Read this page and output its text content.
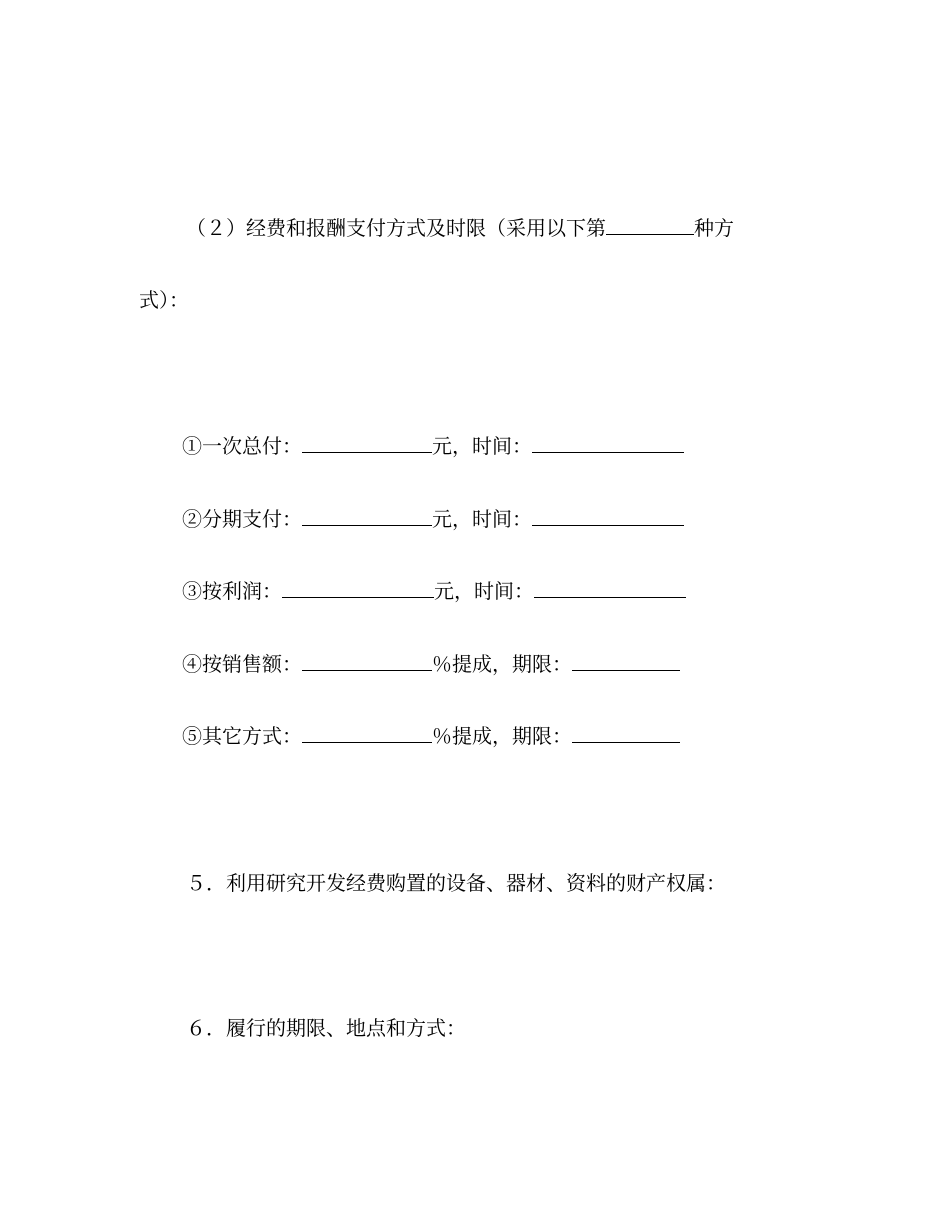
（２）经费和报酬支付方式及时限（采用以下第	种方

式）：

①一次总付：	元，时间：

②分期支付：	元，时间：

③按利润：	元，时间：

④按销售额：	％提成，期限：

⑤其它方式：	％提成，期限：

５．利用研究开发经费购置的设备、器材、资料的财产权属：

６．履行的期限、地点和方式：
